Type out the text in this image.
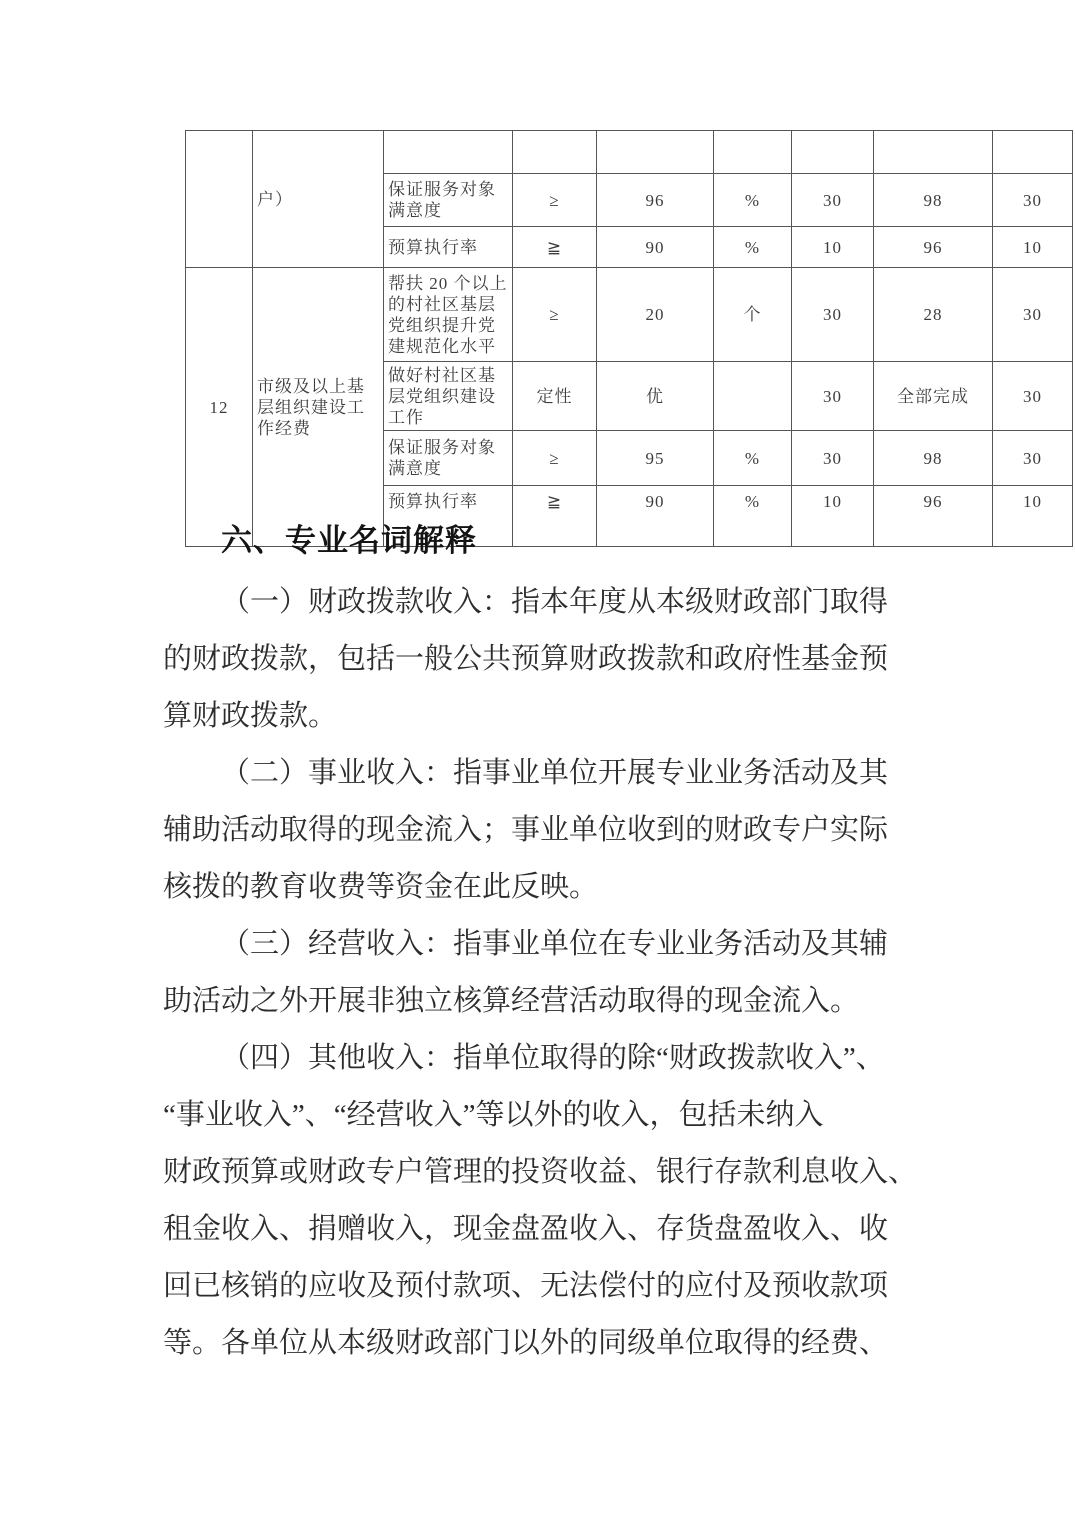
	户）							
		保证服务对象满意度	≥	96	%	30	98	30
		预算执行率	≧	90	%	10	96	10
12	市级及以上基层组织建设工作经费	帮扶 20 个以上的村社区基层党组织提升党建规范化水平	≥	20	个	30	28	30
		做好村社区基层党组织建设工作	定性	优		30	全部完成	30
		保证服务对象满意度	≥	95	%	30	98	30
		预算执行率	≧	90	%	10	96	10
六、专业名词解释
（一）财政拨款收入：指本年度从本级财政部门取得
的财政拨款，包括一般公共预算财政拨款和政府性基金预
算财政拨款。
（二）事业收入：指事业单位开展专业业务活动及其
辅助活动取得的现金流入；事业单位收到的财政专户实际
核拨的教育收费等资金在此反映。
（三）经营收入：指事业单位在专业业务活动及其辅
助活动之外开展非独立核算经营活动取得的现金流入。
（四）其他收入：指单位取得的除“财政拨款收入”、
“事业收入”、“经营收入”等以外的收入，包括未纳入
财政预算或财政专户管理的投资收益、银行存款利息收入、
租金收入、捐赠收入，现金盘盈收入、存货盘盈收入、收
回已核销的应收及预付款项、无法偿付的应付及预收款项
等。各单位从本级财政部门以外的同级单位取得的经费、
